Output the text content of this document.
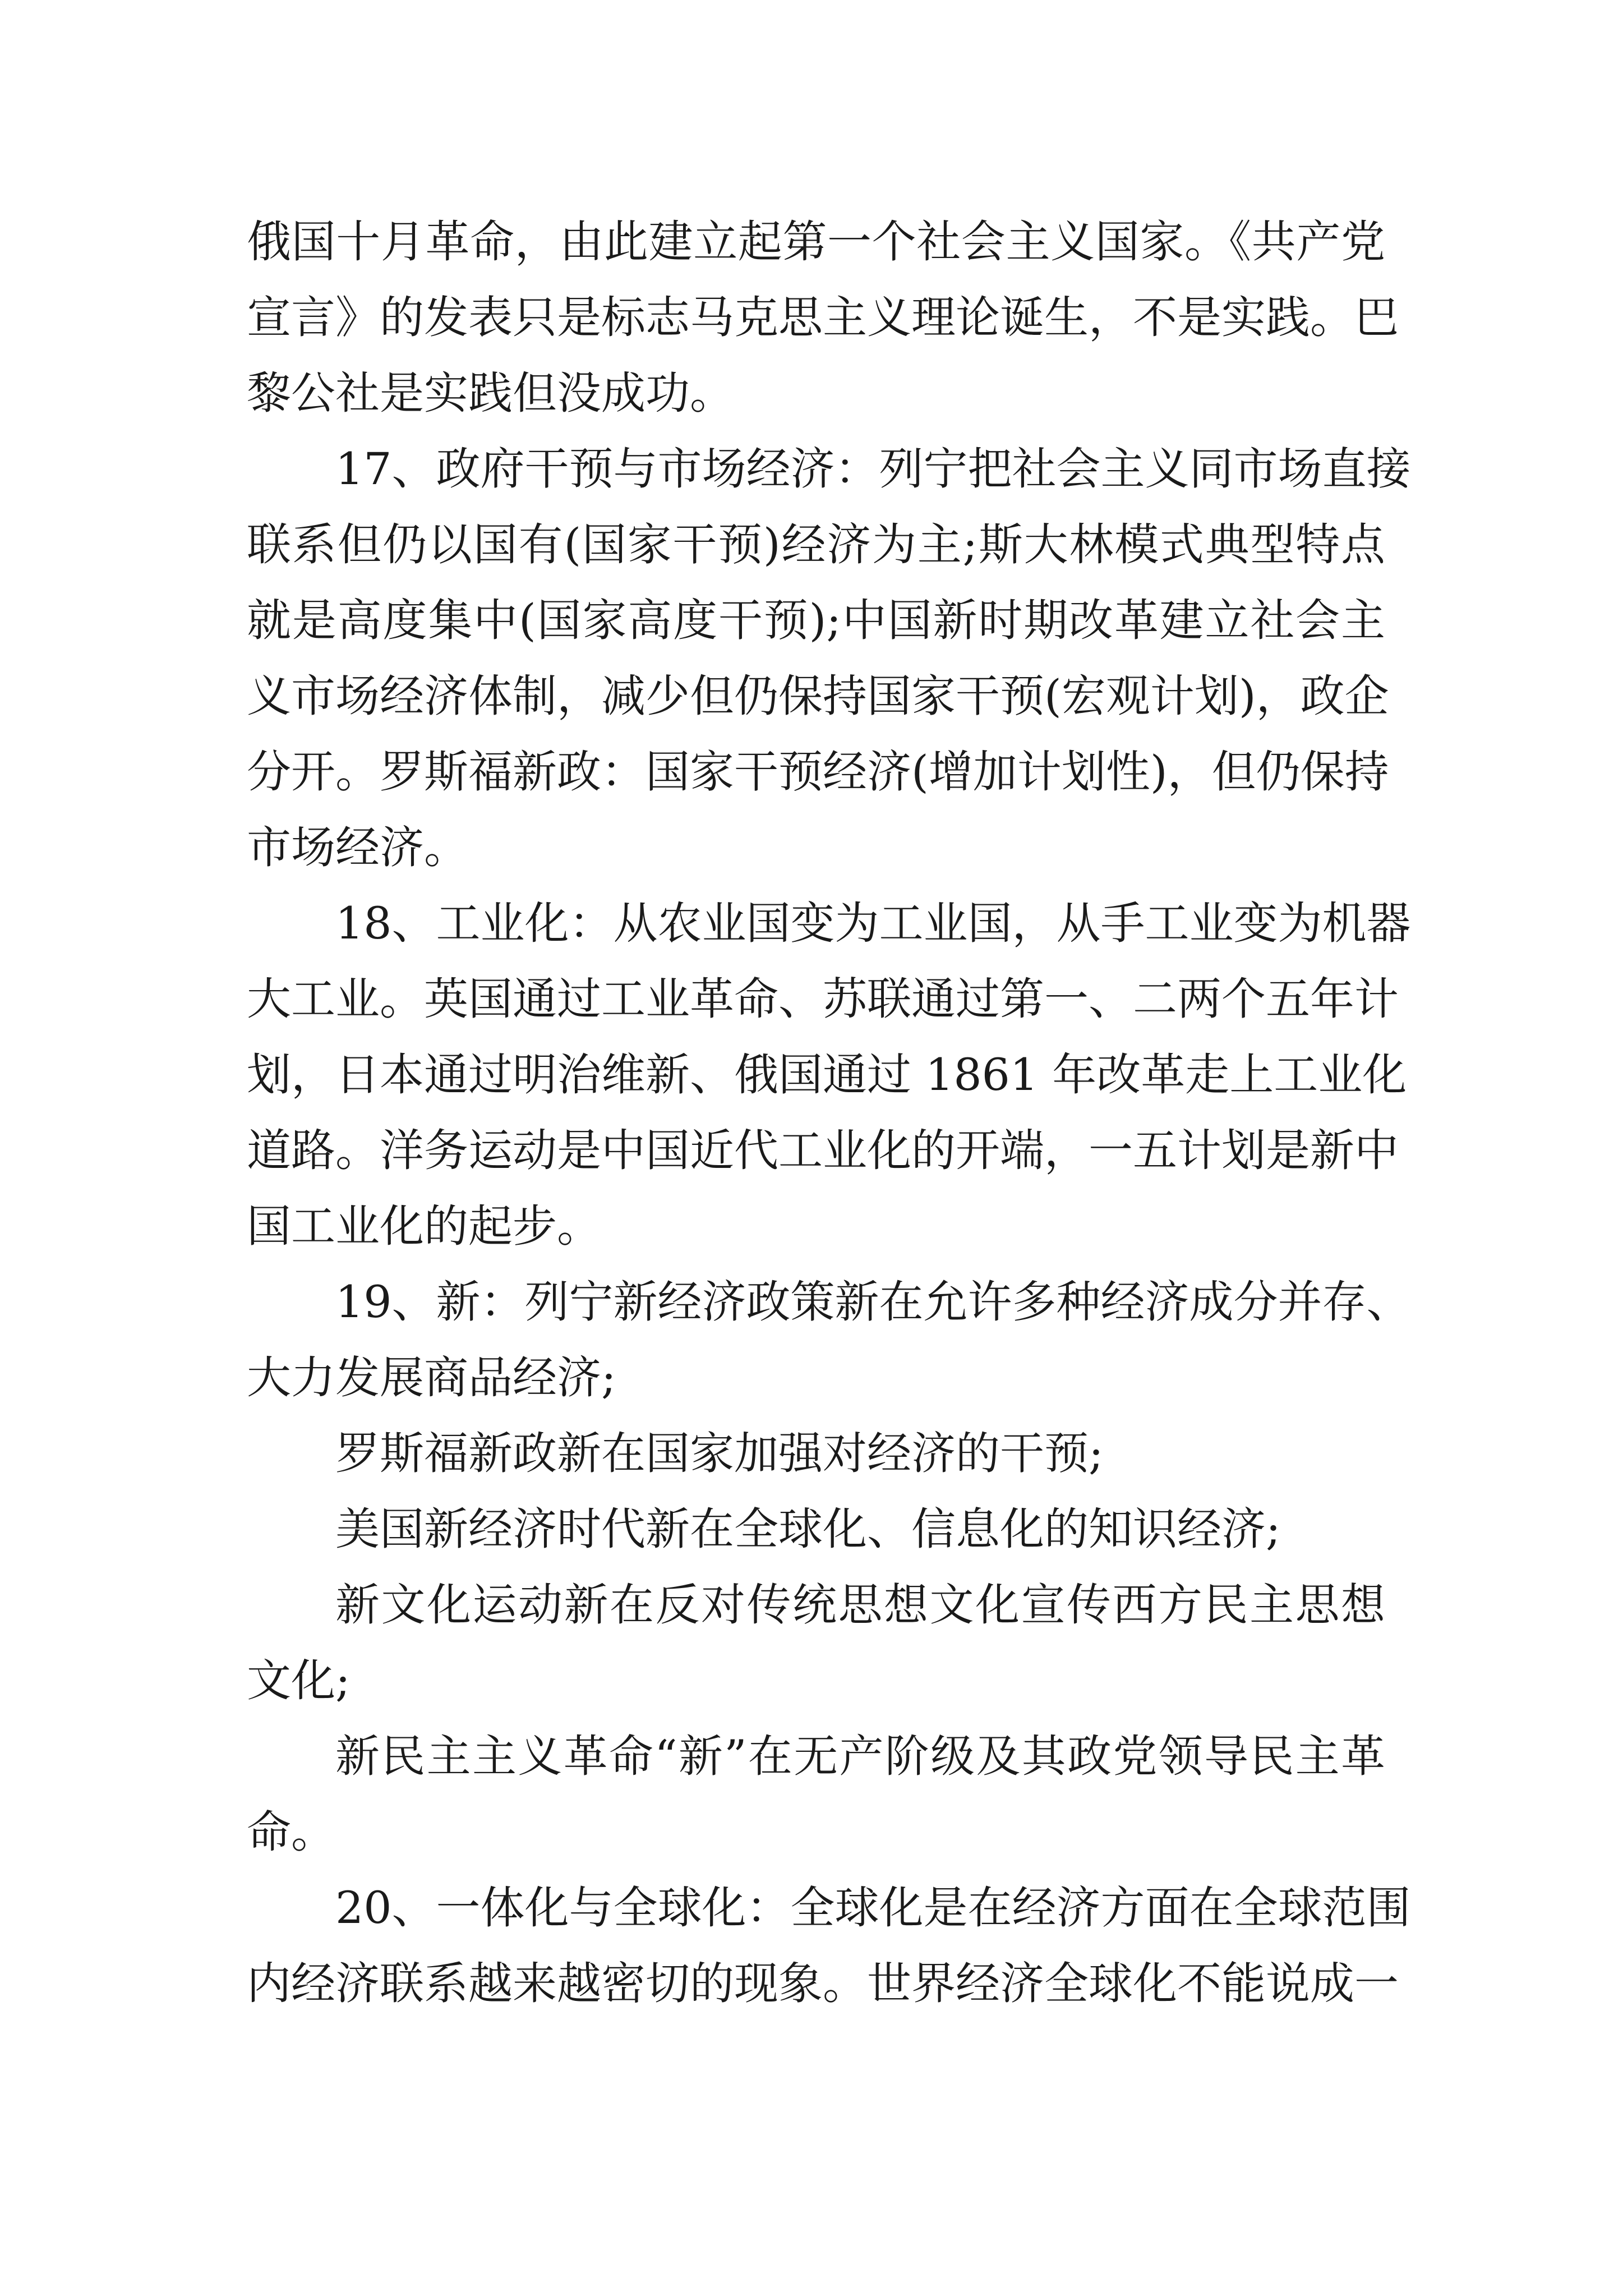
俄国十月革命，由此建立起第一个社会主义国家。《共产党

宣言》的发表只是标志马克思主义理论诞生，不是实践。巴

黎公社是实践但没成功。

17、政府干预与市场经济：列宁把社会主义同市场直接

联系但仍以国有(国家干预)经济为主;斯大林模式典型特点

就是高度集中(国家高度干预);中国新时期改革建立社会主

义市场经济体制，减少但仍保持国家干预(宏观计划)，政企

分开。罗斯福新政：国家干预经济(增加计划性)，但仍保持

市场经济。

18、工业化：从农业国变为工业国，从手工业变为机器

大工业。英国通过工业革命、苏联通过第一、二两个五年计

划，日本通过明治维新、俄国通过 1861 年改革走上工业化

道路。洋务运动是中国近代工业化的开端，一五计划是新中

国工业化的起步。

19、新：列宁新经济政策新在允许多种经济成分并存、

大力发展商品经济;

罗斯福新政新在国家加强对经济的干预;

美国新经济时代新在全球化、信息化的知识经济;

新文化运动新在反对传统思想文化宣传西方民主思想

文化;

新民主主义革命“新”在无产阶级及其政党领导民主革

命。

20、一体化与全球化：全球化是在经济方面在全球范围

内经济联系越来越密切的现象。世界经济全球化不能说成一
